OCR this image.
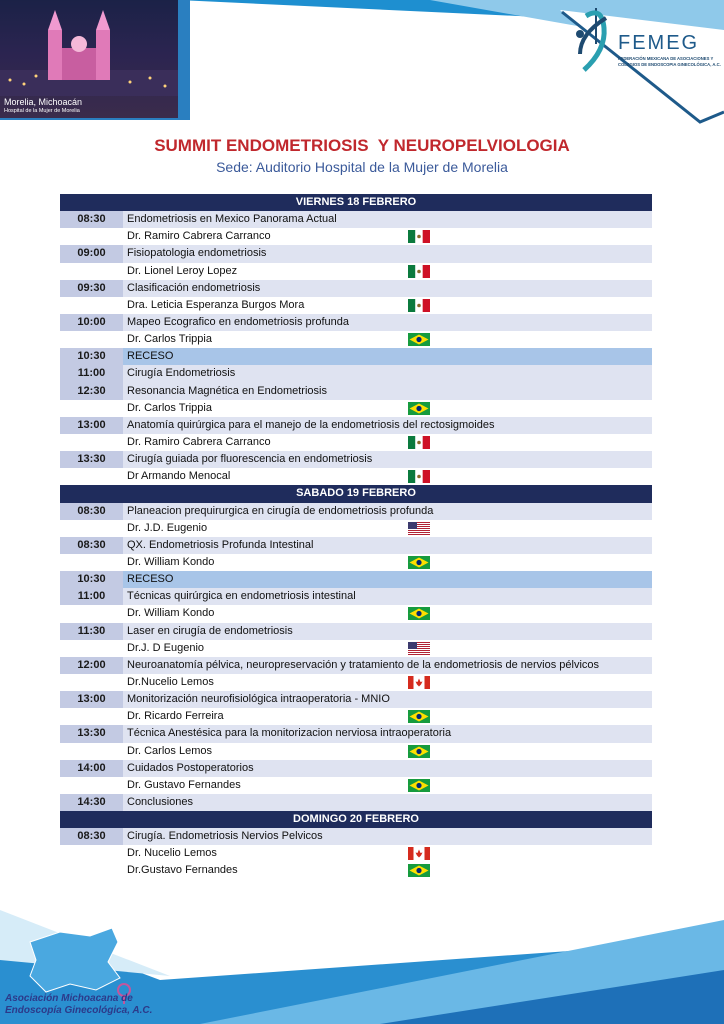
Morelia, Michoacán
Hospital de la Mujer de Morelia
FEMEG
FEDERACIÓN MEXICANA DE ASOCIACIONES Y
COLEGIOS DE ENDOSCOPIA GINECOLÓGICA, A.C.
SUMMIT ENDOMETRIOSIS  Y NEUROPELVIOLOGIA
Sede: Auditorio Hospital de la Mujer de Morelia
VIERNES 18 FEBRERO
08:30	Endometriosis en Mexico Panorama Actual
Dr. Ramiro Cabrera Carranco
09:00	Fisiopatologia endometriosis
Dr. Lionel Leroy Lopez
09:30	Clasificación endometriosis
Dra. Leticia Esperanza Burgos Mora
10:00	Mapeo Ecografico en endometriosis profunda
Dr. Carlos Trippia
10:30	RECESO
11:00	Cirugía Endometriosis
12:30	Resonancia Magnética en Endometriosis
Dr. Carlos Trippia
13:00	Anatomía quirúrgica para el manejo de la endometriosis del rectosigmoides
Dr. Ramiro Cabrera Carranco
13:30	Cirugía guiada por fluorescencia en endometriosis
Dr Armando Menocal
SABADO 19 FEBRERO
08:30	Planeacion prequirurgica en cirugía de endometriosis profunda
Dr. J.D. Eugenio
08:30	QX. Endometriosis Profunda Intestinal
Dr. William Kondo
10:30	RECESO
11:00	Técnicas quirúrgica en endometriosis intestinal
Dr. William Kondo
11:30	Laser en cirugía de endometriosis
Dr.J. D Eugenio
12:00	Neuroanatomía pélvica, neuropreservación y tratamiento de la endometriosis de nervios pélvicos
Dr.Nucelio Lemos
13:00	Monitorización neurofisiológica intraoperatoria - MNIO
Dr. Ricardo Ferreira
13:30	Técnica Anestésica para la monitorizacion nerviosa intraoperatoria
Dr. Carlos Lemos
14:00	Cuidados Postoperatorios
Dr. Gustavo Fernandes
14:30	Conclusiones
DOMINGO 20 FEBRERO
08:30	Cirugía. Endometriosis Nervios Pelvicos
Dr. Nucelio Lemos
Dr.Gustavo Fernandes
Asociación Michoacana de
Endoscopía Ginecológica, A.C.
